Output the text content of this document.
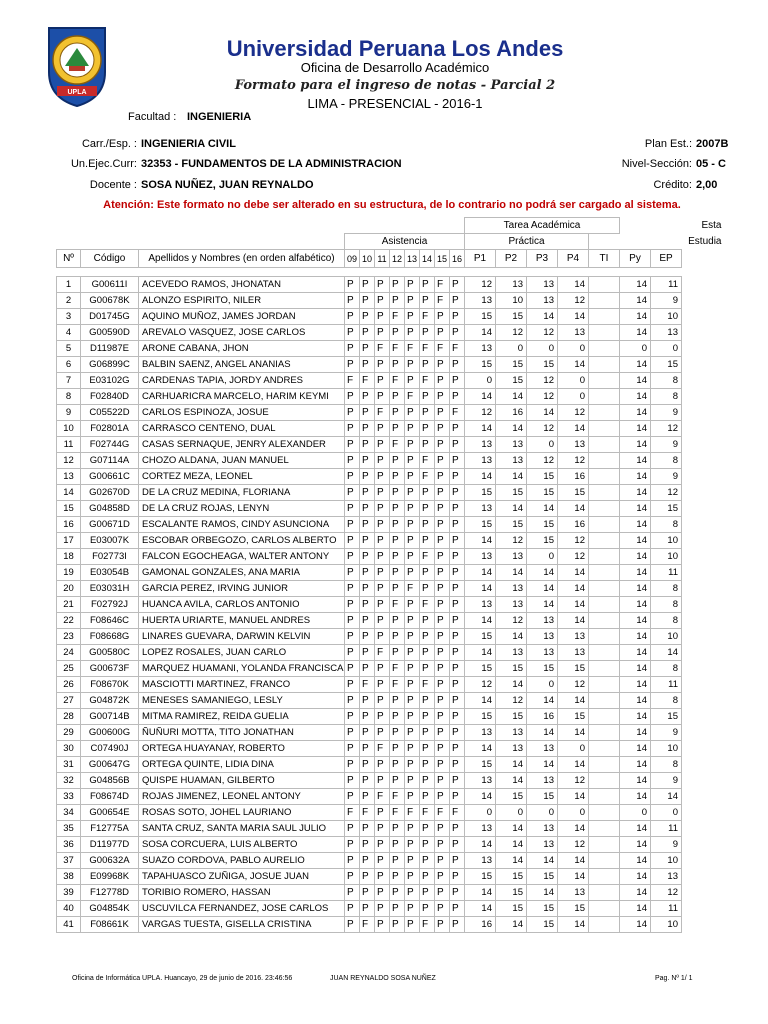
UPLA
Universidad Peruana Los Andes
Oficina de Desarrollo Académico
Formato para el ingreso de notas - Parcial 2
LIMA - PRESENCIAL - 2016-1
Facultad : INGENIERIA
Carr./Esp. : INGENIERIA CIVIL
Un.Ejec.Curr: 32353 - FUNDAMENTOS DE LA ADMINISTRACION
Docente : SOSA NUÑEZ, JUAN REYNALDO
Plan Est.: 2007B
Nivel-Sección: 05 - C
Crédito: 2,00
Atención: Este formato no debe ser alterado en su estructura, de lo contrario no podrá ser cargado al sistema.
											Tarea Académica							Esta
			Asistencia								Práctica							Estudia
Nº	Código	Apellidos y Nombres (en orden alfabético)	09	10	11	12	13	14	15	16	P1	P2	P3	P4	TI	Py	EP	

1	G00611I	ACEVEDO RAMOS, JHONATAN	P	P	P	P	P	P	F	P	12	13	13	14		14	11	
2	G00678K	ALONZO ESPIRITO, NILER	P	P	P	P	P	P	F	P	13	10	13	12		14	9	
3	D01745G	AQUINO MUÑOZ, JAMES JORDAN	P	P	P	F	P	F	P	P	15	15	14	14		14	10	
4	G00590D	AREVALO VASQUEZ, JOSE CARLOS	P	P	P	P	P	P	P	P	14	12	12	13		14	13	
5	D11987E	ARONE CABANA, JHON	P	P	F	F	F	F	F	F	13	0	0	0		0	0	
6	G06899C	BALBIN SAENZ, ANGEL ANANIAS	P	P	P	P	P	P	P	P	15	15	15	14		14	15	
7	E03102G	CARDENAS TAPIA, JORDY ANDRES	F	F	P	F	P	F	P	P	0	15	12	0		14	8	
8	F02840D	CARHUARICRA MARCELO, HARIM KEYMI	P	P	P	P	F	P	P	P	14	14	12	0		14	8	
9	C05522D	CARLOS ESPINOZA, JOSUE	P	P	F	P	P	P	P	F	12	16	14	12		14	9	
10	F02801A	CARRASCO CENTENO, DUAL	P	P	P	P	P	P	P	P	14	14	12	14		14	12	
11	F02744G	CASAS SERNAQUE, JENRY ALEXANDER	P	P	P	F	P	P	P	P	13	13	0	13		14	9	
12	G07114A	CHOZO ALDANA, JUAN MANUEL	P	P	P	P	P	F	P	P	13	13	12	12		14	8	
13	G00661C	CORTEZ MEZA, LEONEL	P	P	P	P	P	F	P	P	14	14	15	16		14	9	
14	G02670D	DE LA CRUZ MEDINA, FLORIANA	P	P	P	P	P	P	P	P	15	15	15	15		14	12	
15	G04858D	DE LA CRUZ ROJAS, LENYN	P	P	P	P	P	P	P	P	13	14	14	14		14	15	
16	G00671D	ESCALANTE RAMOS, CINDY ASUNCIONA	P	P	P	P	P	P	P	P	15	15	15	16		14	8	
17	E03007K	ESCOBAR ORBEGOZO, CARLOS ALBERTO	P	P	P	P	P	P	P	P	14	12	15	12		14	10	
18	F02773I	FALCON EGOCHEAGA, WALTER ANTONY	P	P	P	P	P	F	P	P	13	13	0	12		14	10	
19	E03054B	GAMONAL GONZALES, ANA MARIA	P	P	P	P	P	P	P	P	14	14	14	14		14	11	
20	E03031H	GARCIA PEREZ, IRVING JUNIOR	P	P	P	P	F	P	P	P	14	13	14	14		14	8	
21	F02792J	HUANCA AVILA, CARLOS ANTONIO	P	P	P	F	P	F	P	P	13	13	14	14		14	8	
22	F08646C	HUERTA URIARTE, MANUEL ANDRES	P	P	P	P	P	P	P	P	14	12	13	14		14	8	
23	F08668G	LINARES GUEVARA, DARWIN KELVIN	P	P	P	P	P	P	P	P	15	14	13	13		14	10	
24	G00580C	LOPEZ ROSALES, JUAN CARLO	P	P	F	P	P	P	P	P	14	13	13	13		14	14	
25	G00673F	MARQUEZ HUAMANI, YOLANDA FRANCISCA	P	P	P	F	P	P	P	P	15	15	15	15		14	8	
26	F08670K	MASCIOTTI MARTINEZ, FRANCO	P	F	P	F	P	F	P	P	12	14	0	12		14	11	
27	G04872K	MENESES SAMANIEGO, LESLY	P	P	P	P	P	P	P	P	14	12	14	14		14	8	
28	G00714B	MITMA RAMIREZ, REIDA GUELIA	P	P	P	P	P	P	P	P	15	15	16	15		14	15	
29	G00600G	ÑUÑURI MOTTA, TITO JONATHAN	P	P	P	P	P	P	P	P	13	13	14	14		14	9	
30	C07490J	ORTEGA HUAYANAY, ROBERTO	P	P	F	P	P	P	P	P	14	13	13	0		14	10	
31	G00647G	ORTEGA QUINTE, LIDIA DINA	P	P	P	P	P	P	P	P	15	14	14	14		14	8	
32	G04856B	QUISPE HUAMAN, GILBERTO	P	P	P	P	P	P	P	P	13	14	13	12		14	9	
33	F08674D	ROJAS JIMENEZ, LEONEL ANTONY	P	P	F	F	P	P	P	P	14	15	15	14		14	14	
34	G00654E	ROSAS SOTO, JOHEL LAURIANO	F	F	P	F	F	F	F	F	0	0	0	0		0	0	
35	F12775A	SANTA CRUZ, SANTA MARIA SAUL JULIO	P	P	P	P	P	P	P	P	13	14	13	14		14	11	
36	D11977D	SOSA CORCUERA, LUIS ALBERTO	P	P	P	P	P	P	P	P	14	14	13	12		14	9	
37	G00632A	SUAZO CORDOVA, PABLO AURELIO	P	P	P	P	P	P	P	P	13	14	14	14		14	10	
38	E09968K	TAPAHUASCO ZUÑIGA, JOSUE JUAN	P	P	P	P	P	P	P	P	15	15	15	14		14	13	
39	F12778D	TORIBIO ROMERO, HASSAN	P	P	P	P	P	P	P	P	14	15	14	13		14	12	
40	G04854K	USCUVILCA FERNANDEZ, JOSE CARLOS	P	P	P	P	P	P	P	P	14	15	15	15		14	11	
41	F08661K	VARGAS TUESTA, GISELLA CRISTINA	P	F	P	P	P	F	P	P	16	14	15	14		14	10	
Oficina de Informática UPLA. Huancayo, 29 de junio de 2016. 23:46:56	JUAN REYNALDO SOSA NUÑEZ	Pag. Nº 1/ 1
